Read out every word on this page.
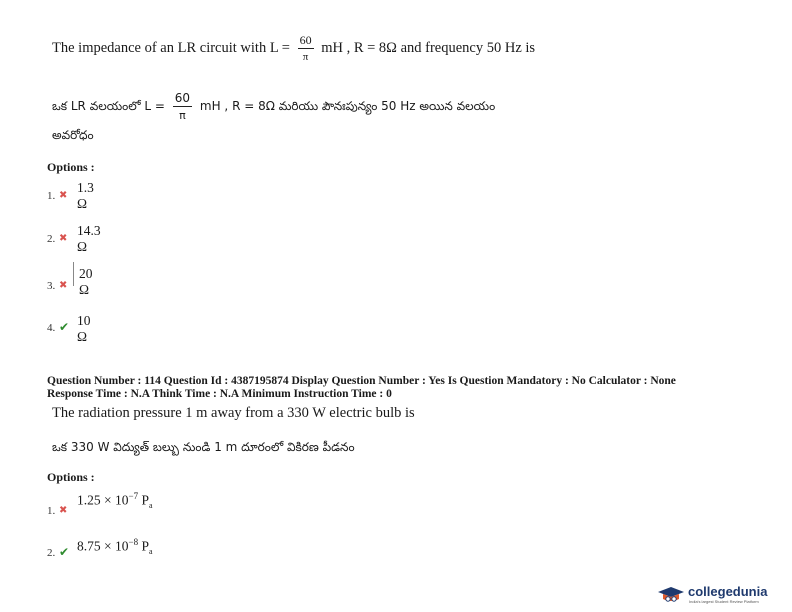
The impedance of an LR circuit with $L = \frac{60}{\pi}$ mH , R = 8Ω and frequency 50 Hz is
ఒక LR వలయంలో $L = \frac{60}{\pi}$ mH , R = 8Ω మరియు పౌనఃపున్యం 50 Hz అయిన వలయం
అవరోధం
Options :
1. ✖
1.3 Ω
2. ✖
14.3 Ω
3. ✖
20 Ω
4. ✔ 10 Ω
Question Number : 114 Question Id : 4387195874 Display Question Number : Yes Is Question Mandatory : No Calculator : None
Response Time : N.A Think Time : N.A Minimum Instruction Time : 0
The radiation pressure 1 m away from a 330 W electric bulb is
ఒక 330 W విద్యుత్ బల్బు నుండి 1 m దూరంలో వికిరణ పీడనం
Options :
1. ✖
$1.25 \times 10^{-7}$ $P_a$
2. ✔ $8.75 \times 10^{-8}$ $P_a$
collegedunia
India's largest Student Review Platform
